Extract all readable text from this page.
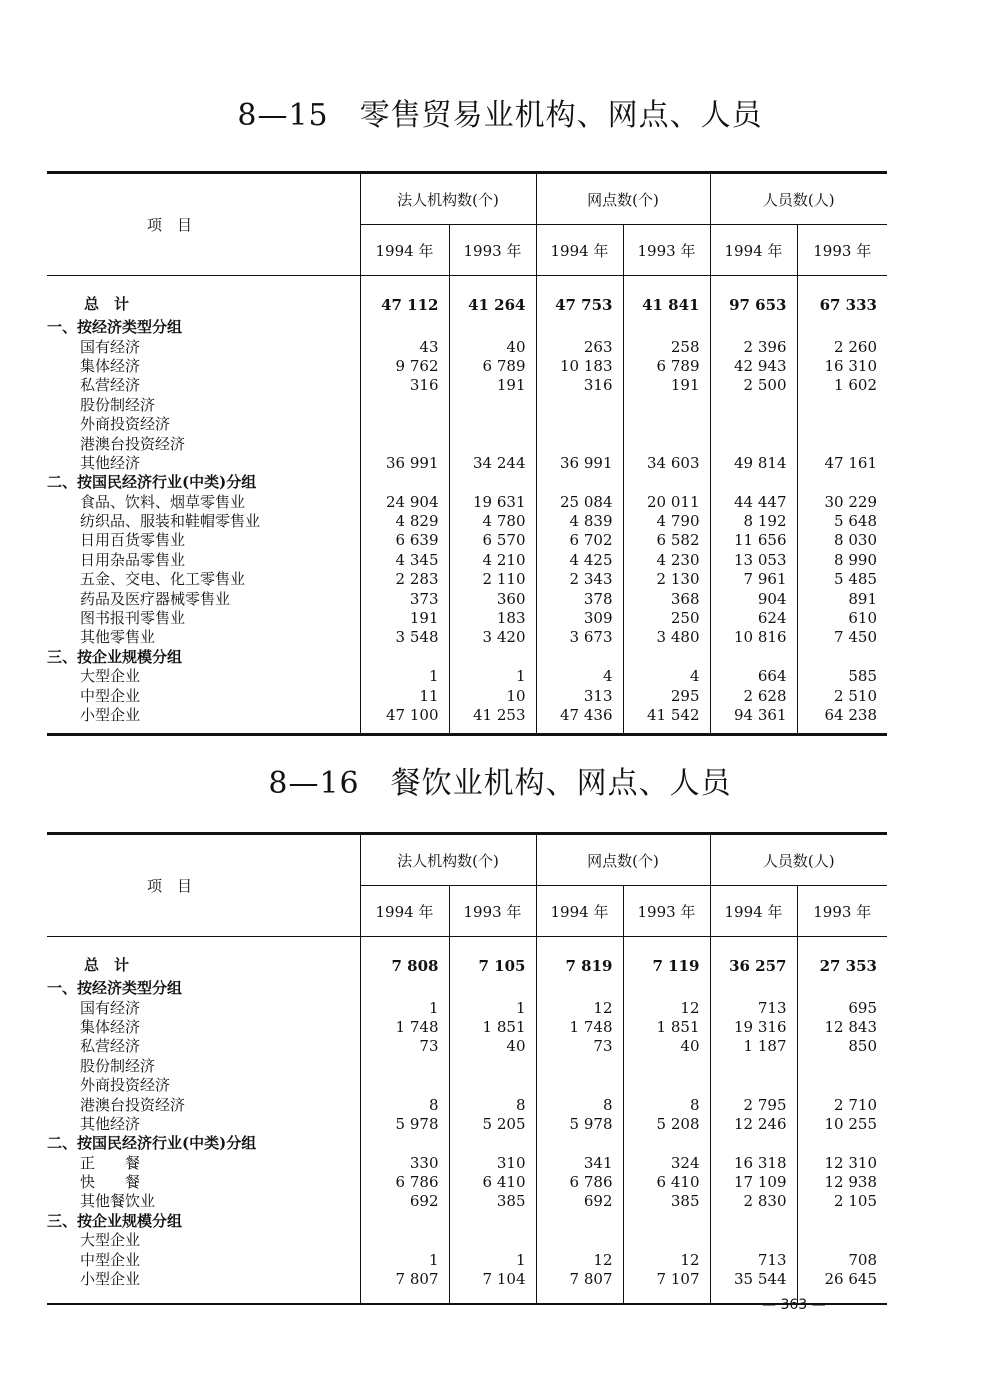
8—15　零售贸易业机构、网点、人员
项　目	法人机构数(个)		网点数(个)		人员数(人)	
	1994 年	1993 年	1994 年	1993 年	1994 年	1993 年
总　计	47 112	41 264	47 753	41 841	97 653	67 333
一、按经济类型分组						
国有经济	43	40	263	258	2 396	2 260
集体经济	9 762	6 789	10 183	6 789	42 943	16 310
私营经济	316	191	316	191	2 500	1 602
股份制经济						
外商投资经济						
港澳台投资经济						
其他经济	36 991	34 244	36 991	34 603	49 814	47 161
二、按国民经济行业(中类)分组						
食品、饮料、烟草零售业	24 904	19 631	25 084	20 011	44 447	30 229
纺织品、服装和鞋帽零售业	4 829	4 780	4 839	4 790	8 192	5 648
日用百货零售业	6 639	6 570	6 702	6 582	11 656	8 030
日用杂品零售业	4 345	4 210	4 425	4 230	13 053	8 990
五金、交电、化工零售业	2 283	2 110	2 343	2 130	7 961	5 485
药品及医疗器械零售业	373	360	378	368	904	891
图书报刊零售业	191	183	309	250	624	610
其他零售业	3 548	3 420	3 673	3 480	10 816	7 450
三、按企业规模分组						
大型企业	1	1	4	4	664	585
中型企业	11	10	313	295	2 628	2 510
小型企业	47 100	41 253	47 436	41 542	94 361	64 238
8—16　餐饮业机构、网点、人员
项　目	法人机构数(个)		网点数(个)		人员数(人)	
	1994 年	1993 年	1994 年	1993 年	1994 年	1993 年
总　计	7 808	7 105	7 819	7 119	36 257	27 353
一、按经济类型分组						
国有经济	1	1	12	12	713	695
集体经济	1 748	1 851	1 748	1 851	19 316	12 843
私营经济	73	40	73	40	1 187	850
股份制经济						
外商投资经济						
港澳台投资经济	8	8	8	8	2 795	2 710
其他经济	5 978	5 205	5 978	5 208	12 246	10 255
二、按国民经济行业(中类)分组						
正　　餐	330	310	341	324	16 318	12 310
快　　餐	6 786	6 410	6 786	6 410	17 109	12 938
其他餐饮业	692	385	692	385	2 830	2 105
三、按企业规模分组						
大型企业						
中型企业	1	1	12	12	713	708
小型企业	7 807	7 104	7 807	7 107	35 544	26 645
— 363 —
